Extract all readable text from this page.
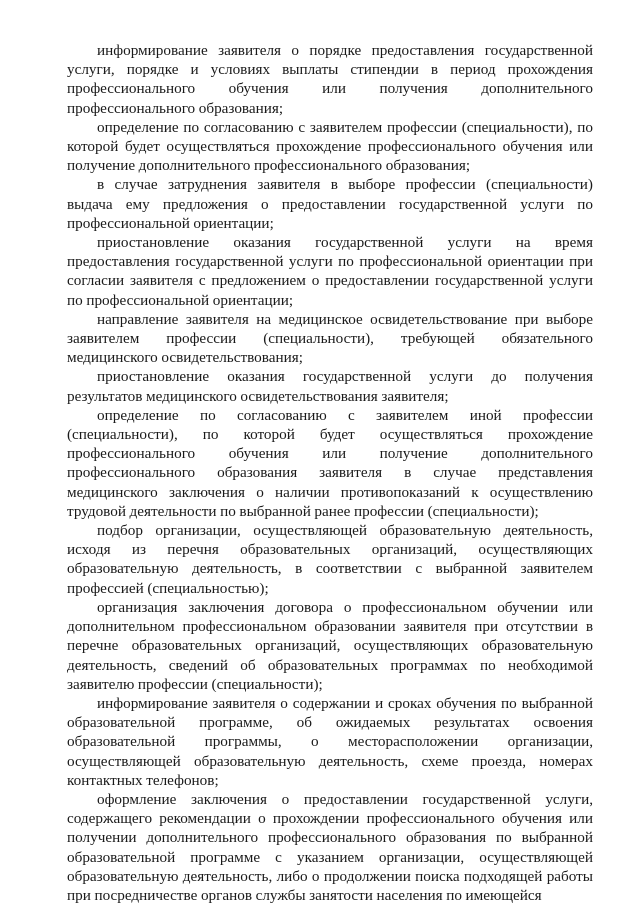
информирование заявителя о порядке предоставления государственной услуги, порядке и условиях выплаты стипендии в период прохождения профессионального обучения или получения дополнительного профессионального образования;

определение по согласованию с заявителем профессии (специальности), по которой будет осуществляться прохождение профессионального обучения или получение дополнительного профессионального образования;

в случае затруднения заявителя в выборе профессии (специальности) выдача ему предложения о предоставлении государственной услуги по профессиональной ориентации;

приостановление оказания государственной услуги на время предоставления государственной услуги по профессиональной ориентации при согласии заявителя с предложением о предоставлении государственной услуги по профессиональной ориентации;

направление заявителя на медицинское освидетельствование при выборе заявителем профессии (специальности), требующей обязательного медицинского освидетельствования;

приостановление оказания государственной услуги до получения результатов медицинского освидетельствования заявителя;

определение по согласованию с заявителем иной профессии (специальности), по которой будет осуществляться прохождение профессионального обучения или получение дополнительного профессионального образования заявителя в случае представления медицинского заключения о наличии противопоказаний к осуществлению трудовой деятельности по выбранной ранее профессии (специальности);

подбор организации, осуществляющей образовательную деятельность, исходя из перечня образовательных организаций, осуществляющих образовательную деятельность, в соответствии с выбранной заявителем профессией (специальностью);

организация заключения договора о профессиональном обучении или дополнительном профессиональном образовании заявителя при отсутствии в перечне образовательных организаций, осуществляющих образовательную деятельность, сведений об образовательных программах по необходимой заявителю профессии (специальности);

информирование заявителя о содержании и сроках обучения по выбранной образовательной программе, об ожидаемых результатах освоения образовательной программы, о месторасположении организации, осуществляющей образовательную деятельность, схеме проезда, номерах контактных телефонов;

оформление заключения о предоставлении государственной услуги, содержащего рекомендации о прохождении профессионального обучения или получении дополнительного профессионального образования по выбранной образовательной программе с указанием организации, осуществляющей образовательную деятельность, либо о продолжении поиска подходящей работы при посредничестве органов службы занятости населения по имеющейся
